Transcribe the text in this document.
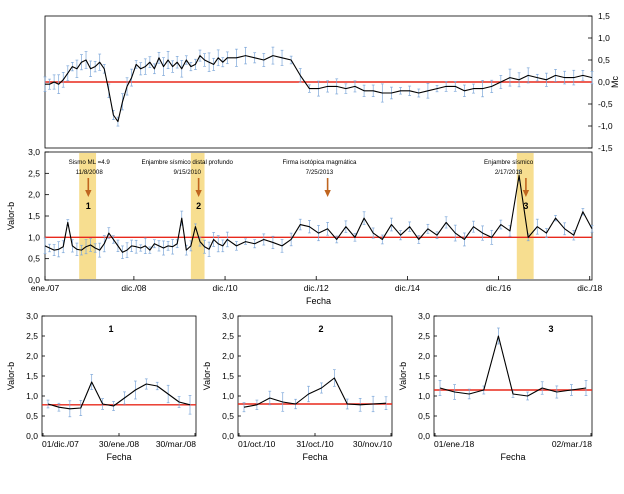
-1,5
-1,0
-0,5
0,0
0,5
1,0
1,5
Mc
0,0
0,5
1,0
1,5
2,0
2,5
3,0
Valor-b
ene./07	dic./08	dic./10	dic./12	dic./14	dic./16	dic./18
Fecha
1	2	3
Sismo ML =4.9
11/8/2008
Enjambre sísmico distal profundo
9/15/2010
Firma isotópica magmática
7/25/2013
Enjambre sísmico
2/17/2018
0,0
0,5
1,0
1,5
2,0
2,5
3,0
Valor-b
01/dic./07 30/ene./08 30/mar./08
Fecha
1
0,0
0,5
1,0
1,5
2,0
2,5
3,0
Valor-b
01/oct./10 31/oct./10 30/nov./10
Fecha
2
0,0
0,5
1,0
1,5
2,0
2,5
3,0
Valor-b
01/ene./18	02/mar./18
Fecha
3
